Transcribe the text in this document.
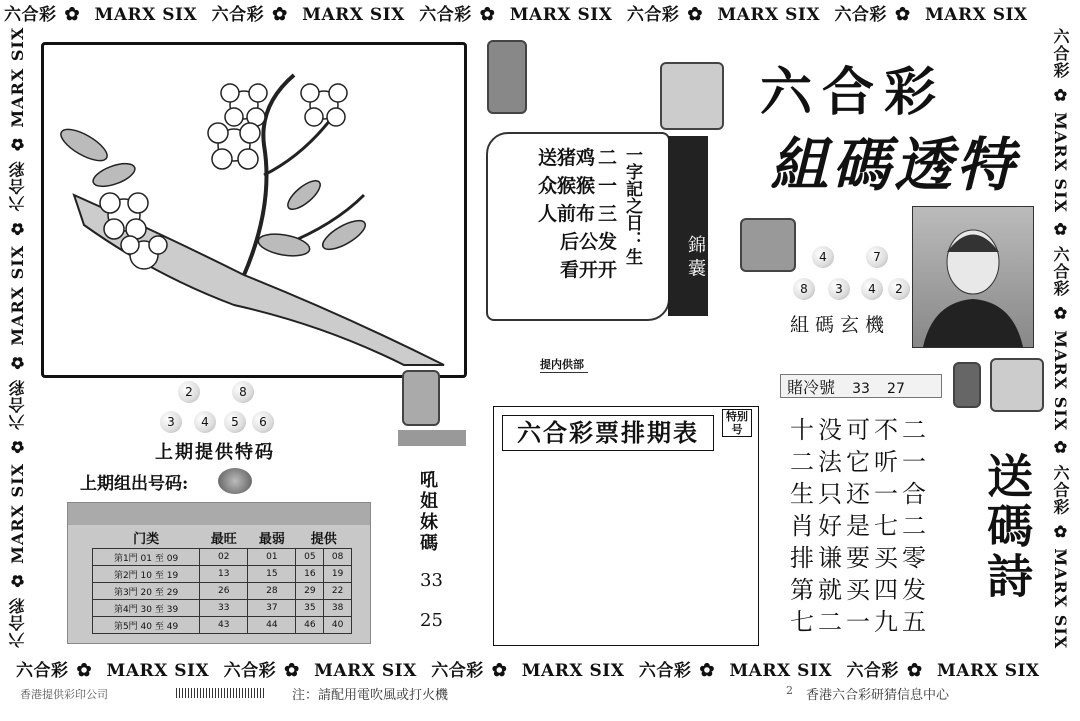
六合彩 ✿ MARX SIX 六合彩 ✿ MARX SIX 六合彩 ✿ MARX SIX 六合彩 ✿ MARX SIX 六合彩 ✿ MARX SIX
六合彩 ✿ MARX SIX 六合彩 ✿ MARX SIX 六合彩 ✿ MARX SIX 六合彩 ✿ MARX SIX 六合彩 ✿ MARX SIX
六合彩 ✿ MARX SIX ✿ 六合彩 ✿ MARX SIX ✿ 六合彩 ✿ MARX SIX	六合彩 ✿ MARX SIX ✿ 六合彩 ✿ MARX SIX ✿ 六合彩 ✿ MARX SIX
六合彩
組碼透特
送猪鸡
众猴猴
人前布
后公发
看开开
二
一
三 一字記之日：生	錦 囊	4	7
8	3	4	2
組碼玄機
賭冷號 33 27
2	8
3	4	5	6
上期提供特码
上期组出号码:	吼姐妹碼
33
25
提内供部
六合彩票排期表
特别号
门类	最旺	最弱	提供	
第1門 01 至 09	02	01	05	08
第2門 10 至 19	13	15	16	19
第3門 20 至 29	26	28	29	22
第4門 30 至 39	33	37	35	38
第5門 40 至 49	43	44	46	40
十没可不二
二法它听一
生只还一合
肖好是七二
排谦要买零
第就买四发
七二一九五
送碼詩
香港提供彩印公司	注：請配用電吹風或打火機	2 香港六合彩研猜信息中心
